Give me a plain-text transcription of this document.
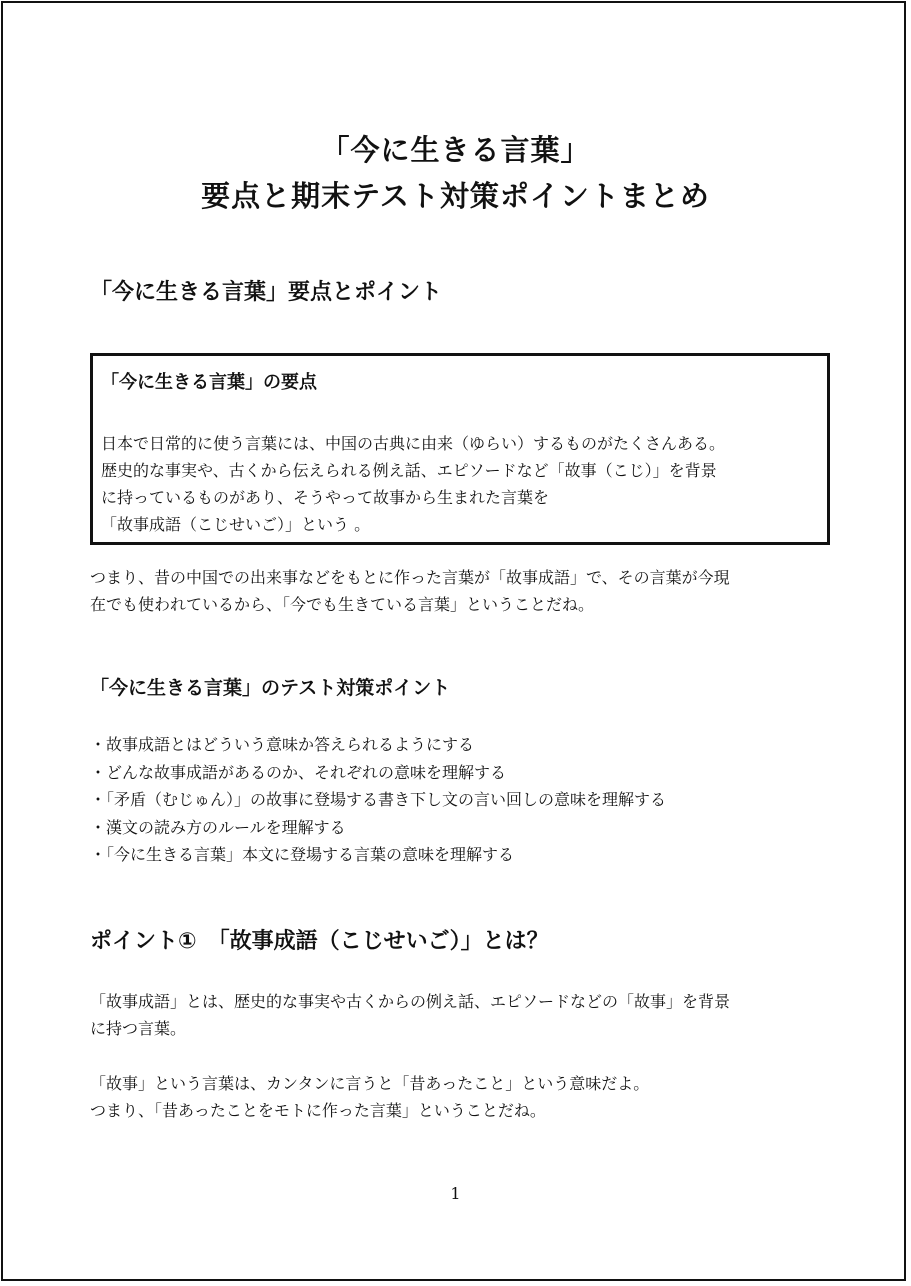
「今に生きる言葉」
要点と期末テスト対策ポイントまとめ
「今に生きる言葉」要点とポイント
「今に生きる言葉」の要点
日本で日常的に使う言葉には、中国の古典に由来（ゆらい）するものがたくさんある。
歴史的な事実や、古くから伝えられる例え話、エピソードなど「故事（こじ）」を背景
に持っているものがあり、そうやって故事から生まれた言葉を
「故事成語（こじせいご）」という 。
つまり、昔の中国での出来事などをもとに作った言葉が「故事成語」で、その言葉が今現
在でも使われているから、「今でも生きている言葉」ということだね。
「今に生きる言葉」のテスト対策ポイント
・故事成語とはどういう意味か答えられるようにする
・どんな故事成語があるのか、それぞれの意味を理解する
・「矛盾（むじゅん）」の故事に登場する書き下し文の言い回しの意味を理解する
・漢文の読み方のルールを理解する
・「今に生きる言葉」本文に登場する言葉の意味を理解する
ポイント①　「故事成語（こじせいご）」とは？
「故事成語」とは、歴史的な事実や古くからの例え話、エピソードなどの「故事」を背景
に持つ言葉。
「故事」という言葉は、カンタンに言うと「昔あったこと」という意味だよ。
つまり、「昔あったことをモトに作った言葉」ということだね。
1
